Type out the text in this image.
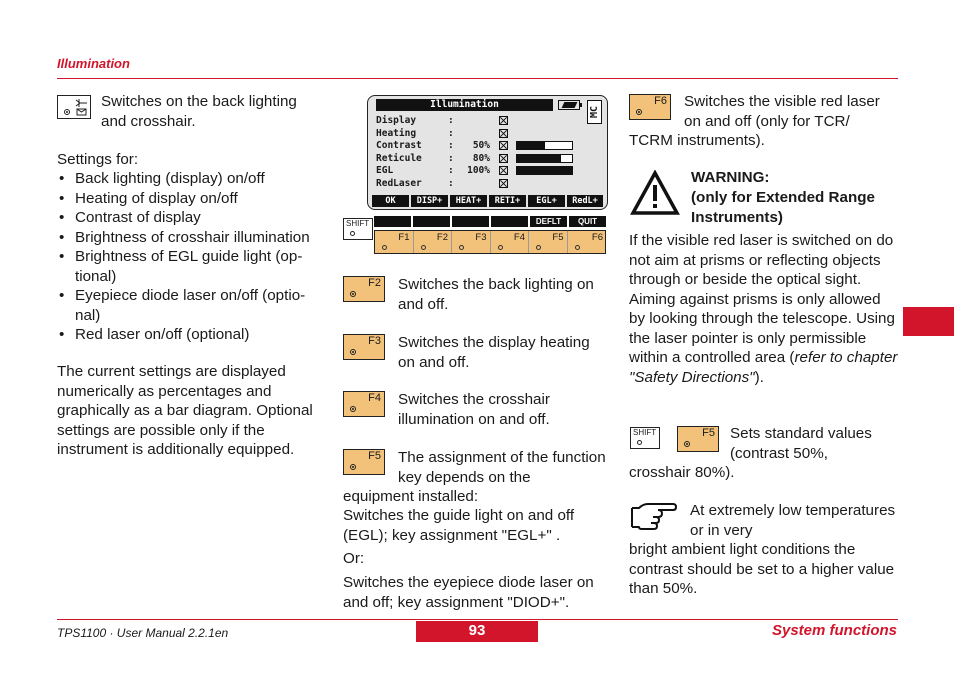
Illumination
Switches on the back lighting and crosshair.
Settings for:
• Back lighting (display) on/off
• Heating of display on/off
• Contrast of display
• Brightness of crosshair illumination
• Brightness of EGL guide light (op- tional)
• Eyepiece diode laser on/off (optio- nal)
• Red laser on/off (optional)
The current settings are displayed numerically as percentages and graphically as a bar diagram. Optional settings are possible only if the instrument is additionally equipped.
Illumination
MC
Display	:
Heating	:
Contrast	:	50%
Reticule	:	80%
EGL	:	100%
RedLaser	:
OK	DISP+	HEAT+	RETI+	EGL+	RedL+
SHIFT	DEFLT	QUIT
F1	F2	F3	F4	F5	F6
F2 Switches the back lighting on and off.
F3 Switches the display heating on and off.
F4 Switches the crosshair illumination on and off.
F5 The assignment of the function key depends on the
equipment installed:
Switches the guide light on and off (EGL); key assignment "EGL+" .
Or:
Switches the eyepiece diode laser on and off; key assignment "DIOD+".
F6 Switches the visible red laser on and off (only for TCR/
TCRM instruments).
WARNING:
(only for Extended Range Instruments)
If the visible red laser is switched on do not aim at prisms or reflecting objects through or beside the optical sight. Aiming against prisms is only allowed by looking through the telescope. Using the laser pointer is only permissible within a controlled area (refer to chapter "Safety Directions").
SHIFT	F5 Sets standard values (contrast 50%,
crosshair 80%).
At extremely low temperatures or in very
bright ambient light conditions the contrast should be set to a higher value than 50%.
TPS1100 · User Manual 2.2.1en	93	System functions
